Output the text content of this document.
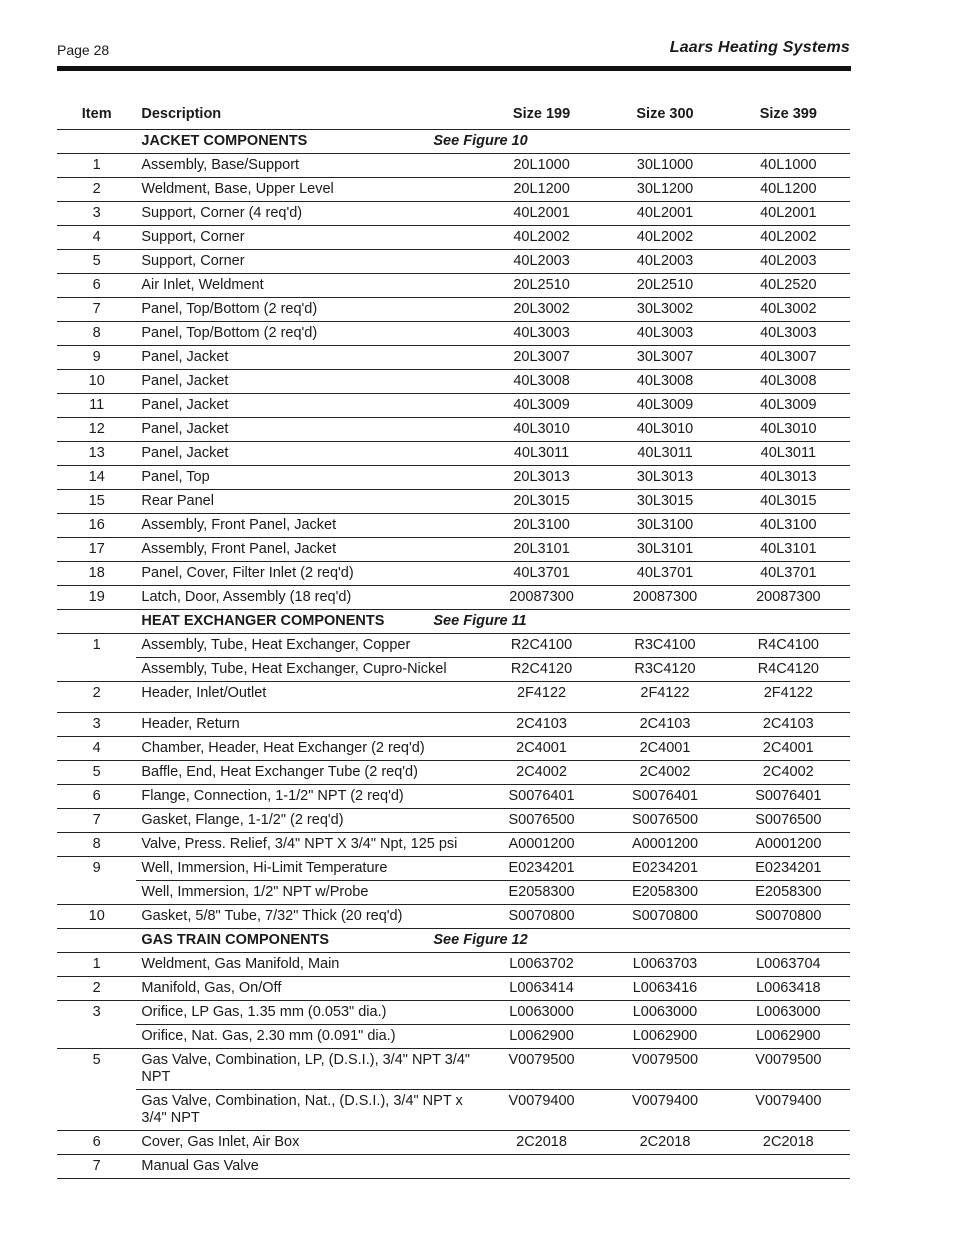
Page 28	Laars Heating Systems
Item	Description	Size 199	Size 300	Size 399
	JACKET COMPONENTS See Figure 10			
1	Assembly, Base/Support	20L1000	30L1000	40L1000
2	Weldment, Base, Upper Level	20L1200	30L1200	40L1200
3	Support, Corner (4 req'd)	40L2001	40L2001	40L2001
4	Support, Corner	40L2002	40L2002	40L2002
5	Support, Corner	40L2003	40L2003	40L2003
6	Air Inlet, Weldment	20L2510	20L2510	40L2520
7	Panel, Top/Bottom (2 req'd)	20L3002	30L3002	40L3002
8	Panel, Top/Bottom (2 req'd)	40L3003	40L3003	40L3003
9	Panel, Jacket	20L3007	30L3007	40L3007
10	Panel, Jacket	40L3008	40L3008	40L3008
11	Panel, Jacket	40L3009	40L3009	40L3009
12	Panel, Jacket	40L3010	40L3010	40L3010
13	Panel, Jacket	40L3011	40L3011	40L3011
14	Panel, Top	20L3013	30L3013	40L3013
15	Rear Panel	20L3015	30L3015	40L3015
16	Assembly, Front Panel, Jacket	20L3100	30L3100	40L3100
17	Assembly, Front Panel, Jacket	20L3101	30L3101	40L3101
18	Panel, Cover, Filter Inlet (2 req'd)	40L3701	40L3701	40L3701
19	Latch, Door, Assembly (18 req'd)	20087300	20087300	20087300
	HEAT EXCHANGER COMPONENTS See Figure 11			
1	Assembly, Tube, Heat Exchanger, Copper	R2C4100	R3C4100	R4C4100
	Assembly, Tube, Heat Exchanger, Cupro-Nickel	R2C4120	R3C4120	R4C4120
2	Header, Inlet/Outlet	2F4122	2F4122	2F4122
3	Header, Return	2C4103	2C4103	2C4103
4	Chamber, Header, Heat Exchanger (2 req'd)	2C4001	2C4001	2C4001
5	Baffle, End, Heat Exchanger Tube (2 req'd)	2C4002	2C4002	2C4002
6	Flange, Connection, 1-1/2" NPT (2 req'd)	S0076401	S0076401	S0076401
7	Gasket, Flange, 1-1/2" (2 req'd)	S0076500	S0076500	S0076500
8	Valve, Press. Relief, 3/4" NPT X 3/4" Npt, 125 psi	A0001200	A0001200	A0001200
9	Well, Immersion, Hi-Limit Temperature	E0234201	E0234201	E0234201
	Well, Immersion, 1/2" NPT w/Probe	E2058300	E2058300	E2058300
10	Gasket, 5/8" Tube, 7/32" Thick (20 req'd)	S0070800	S0070800	S0070800
	GAS TRAIN COMPONENTS See Figure 12			
1	Weldment, Gas Manifold, Main	L0063702	L0063703	L0063704
2	Manifold, Gas, On/Off	L0063414	L0063416	L0063418
3	Orifice, LP Gas, 1.35 mm (0.053" dia.)	L0063000	L0063000	L0063000
	Orifice, Nat. Gas, 2.30 mm (0.091" dia.)	L0062900	L0062900	L0062900
5	Gas Valve, Combination, LP, (D.S.I.), 3/4" NPT 3/4" NPT	V0079500	V0079500	V0079500
	Gas Valve, Combination, Nat., (D.S.I.), 3/4" NPT x 3/4" NPT	V0079400	V0079400	V0079400
6	Cover, Gas Inlet, Air Box	2C2018	2C2018	2C2018
7	Manual Gas Valve			
